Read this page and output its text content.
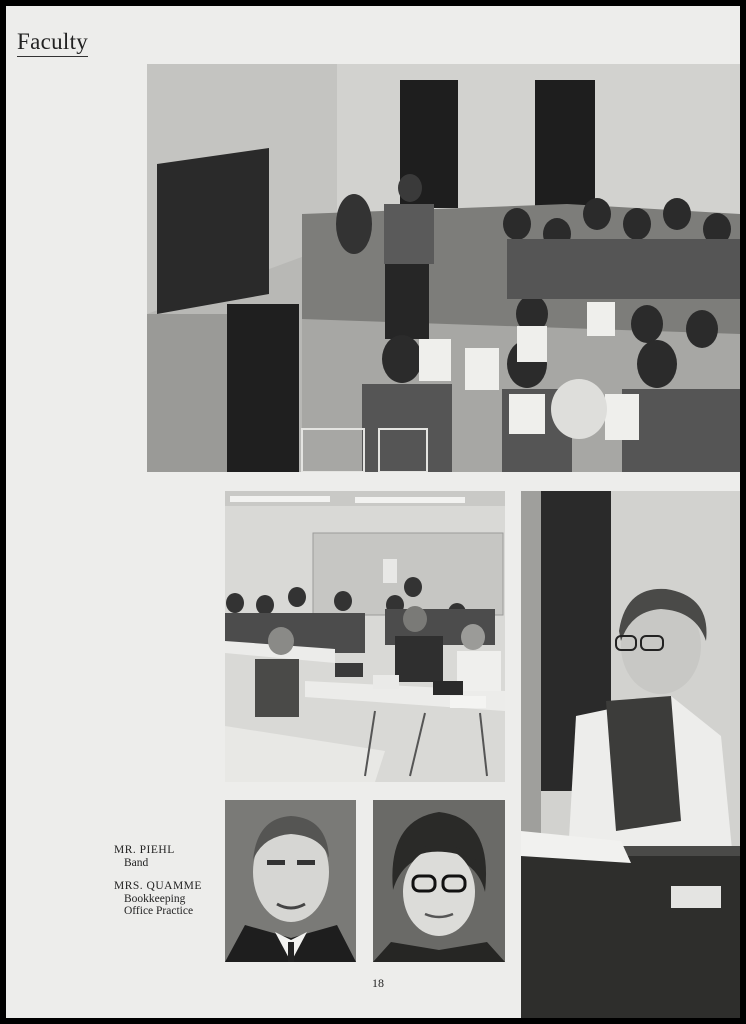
Faculty
MR. PIEHL
Band
MRS. QUAMME
Bookkeeping
Office Practice
18
